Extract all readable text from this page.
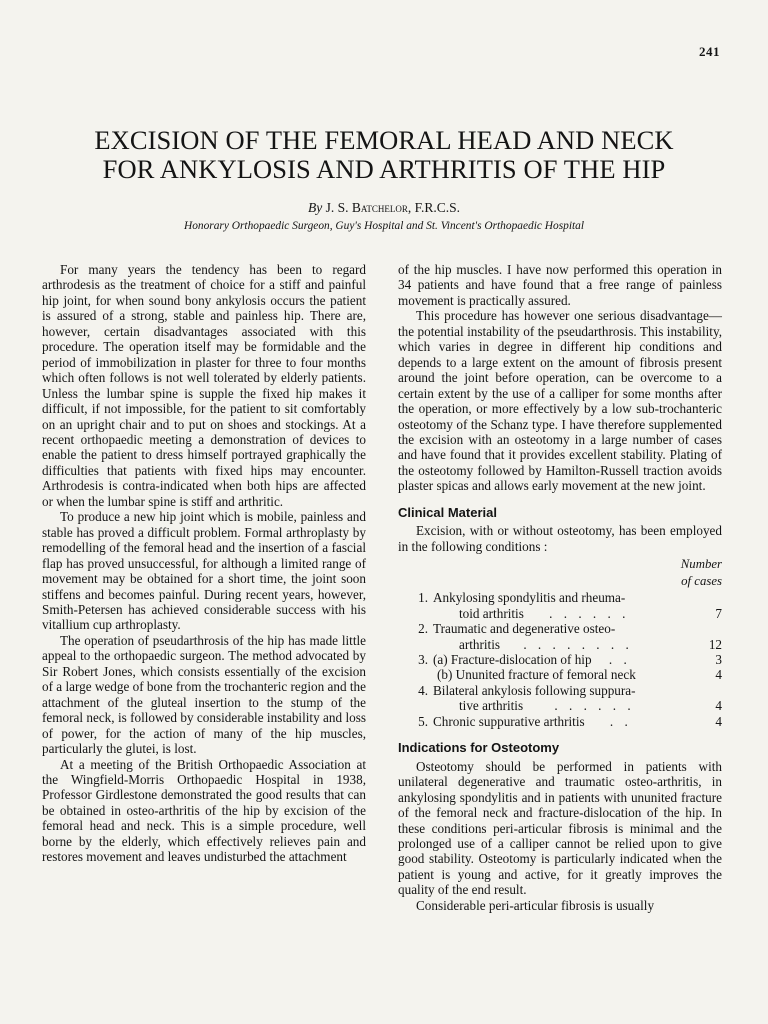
241
EXCISION OF THE FEMORAL HEAD AND NECK
FOR ANKYLOSIS AND ARTHRITIS OF THE HIP
By J. S. Batchelor, F.R.C.S.
Honorary Orthopaedic Surgeon, Guy's Hospital and St. Vincent's Orthopaedic Hospital

For many years the tendency has been to regard arthrodesis as the treatment of choice for a stiff and painful hip joint, for when sound bony ankylosis occurs the patient is assured of a strong, stable and painless hip. There are, however, certain disadvantages associated with this procedure. The operation itself may be formidable and the period of immobilization in plaster for three to four months which often follows is not well tolerated by elderly patients. Unless the lumbar spine is supple the fixed hip makes it difficult, if not impossible, for the patient to sit comfortably on an upright chair and to put on shoes and stockings. At a recent orthopaedic meeting a demonstration of devices to enable the patient to dress himself portrayed graphically the difficulties that patients with fixed hips may encounter. Arthrodesis is contra-indicated when both hips are affected or when the lumbar spine is stiff and arthritic.

To produce a new hip joint which is mobile, painless and stable has proved a difficult problem. Formal arthroplasty by remodelling of the femoral head and the insertion of a fascial flap has proved unsuccessful, for although a limited range of movement may be obtained for a short time, the joint soon stiffens and becomes painful. During recent years, however, Smith-Petersen has achieved considerable success with his vitallium cup arthroplasty.

The operation of pseudarthrosis of the hip has made little appeal to the orthopaedic surgeon. The method advocated by Sir Robert Jones, which consists essentially of the excision of a large wedge of bone from the trochanteric region and the attachment of the gluteal insertion to the stump of the femoral neck, is followed by considerable instability and loss of power, for the action of many of the hip muscles, particularly the glutei, is lost.

At a meeting of the British Orthopaedic Association at the Wingfield-Morris Orthopaedic Hospital in 1938, Professor Girdlestone demonstrated the good results that can be obtained in osteo-arthritis of the hip by excision of the femoral head and neck. This is a simple procedure, well borne by the elderly, which effectively relieves pain and restores movement and leaves undisturbed the attachment

of the hip muscles. I have now performed this operation in 34 patients and have found that a free range of painless movement is practically assured.

This procedure has however one serious disadvantage—the potential instability of the pseudarthrosis. This instability, which varies in degree in different hip conditions and depends to a large extent on the amount of fibrosis present around the joint before operation, can be overcome to a certain extent by the use of a calliper for some months after the operation, or more effectively by a low sub-trochanteric osteotomy of the Schanz type. I have therefore supplemented the excision with an osteotomy in a large number of cases and have found that it provides excellent stability. Plating of the osteotomy followed by Hamilton-Russell traction avoids plaster spicas and allows early movement at the new joint.

Clinical Material

Excision, with or without osteotomy, has been employed in the following conditions :

Number
of cases
1. Ankylosing spondylitis and rheuma-
toid arthritis . . . . . .	7
2. Traumatic and degenerative osteo-
arthritis . . . . . . . .	12
3. (a) Fracture-dislocation of hip . .	3
(b) Ununited fracture of femoral neck	4
4. Bilateral ankylosis following suppura-
tive arthritis . . . . . .	4
5. Chronic suppurative arthritis . .	4
Indications for Osteotomy

Osteotomy should be performed in patients with unilateral degenerative and traumatic osteo-arthritis, in ankylosing spondylitis and in patients with ununited fracture of the femoral neck and fracture-dislocation of the hip. In these conditions peri-articular fibrosis is minimal and the prolonged use of a calliper cannot be relied upon to give good stability. Osteotomy is particularly indicated when the patient is young and active, for it greatly improves the quality of the end result.

Considerable peri-articular fibrosis is usually
